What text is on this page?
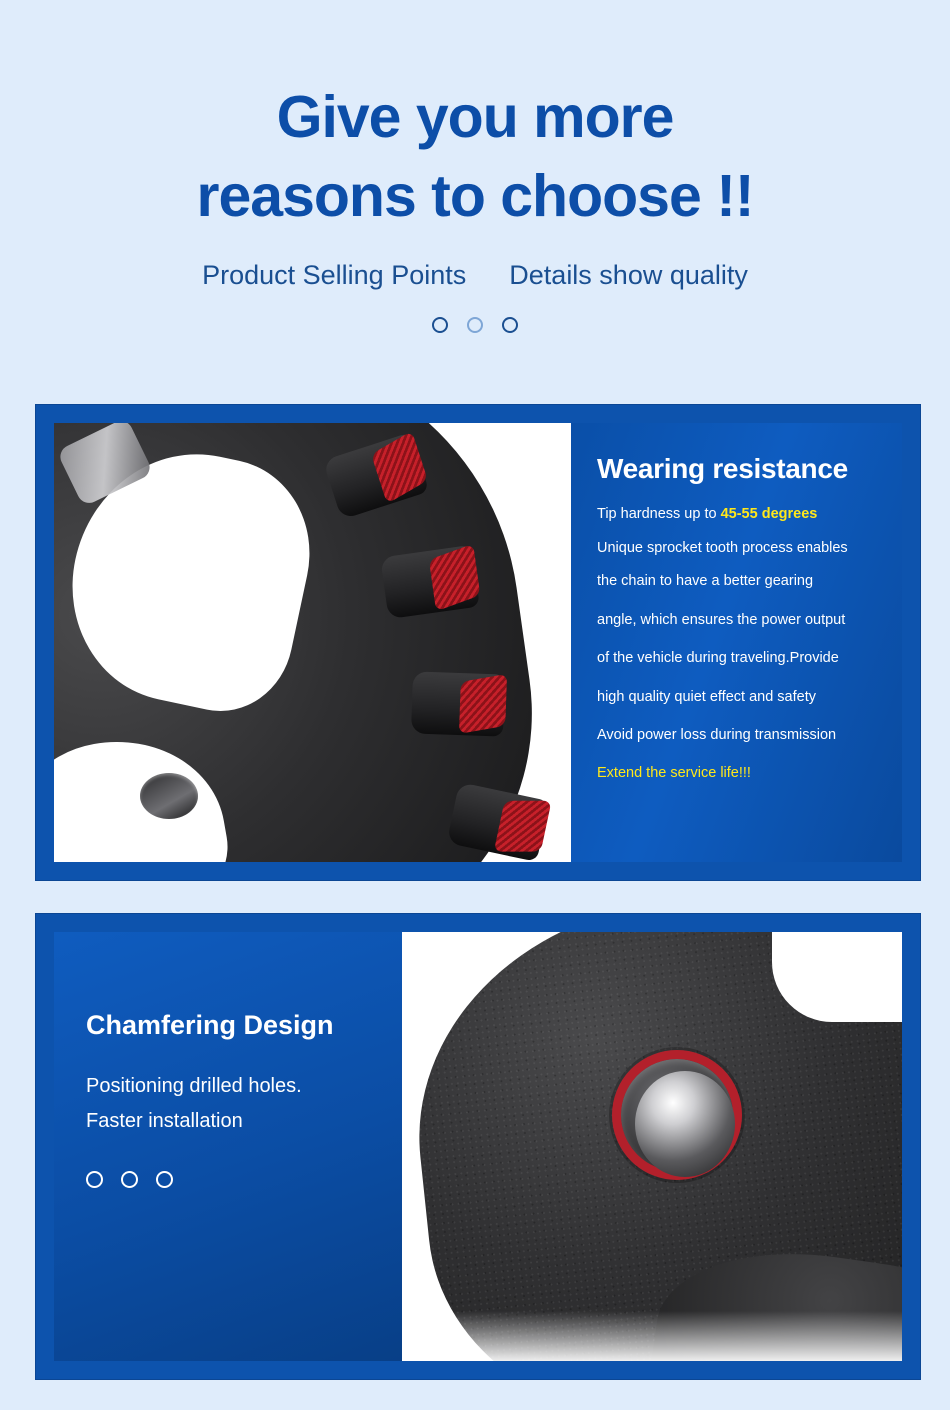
Give you more
reasons to choose !!
Product Selling Points Details show quality
Wearing resistance
Tip hardness up to 45-55 degrees
Unique sprocket tooth process enables
the chain to have a better gearing
angle, which ensures the power output
of the vehicle during traveling.Provide
high quality quiet effect and safety
Avoid power loss during transmission
Extend the service life!!!
Chamfering Design
Positioning drilled holes.
Faster installation
